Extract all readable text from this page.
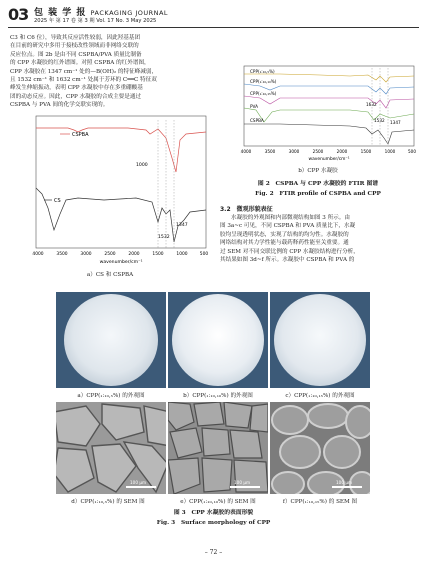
03 包 装 学 报 PACKAGING JOURNAL
2025 年 第 17 卷 第 3 期 Vol. 17 No. 3 May 2025
C3 和 C6 位），导致其反应活性较弱，因此羟基基团
在目前的研究中多用于接枝改性领域而非网络交联的
反应位点。图 2b 是由不同 CSPBA/PVA 质量比制备
的 CPP 水凝胶的红外谱图。对照 CSPBA 的红外谱图，
CPP 水凝胶在 1347 cm⁻¹ 处的—B(OH)₂ 的特征峰减弱，
且 1532 cm⁻¹ 和 1632 cm⁻¹ 处属于芳环的 C══C 特征双
峰发生伸缩振动，表明 CPP 水凝胶中存在多重硼酸基
团的动态反应。因此，CPP 水凝胶的合成主要是通过
CSPBA 与 PVA 间的化学交联实现的。
CSPBA
CS
1000
1532
1347
4000	3500	3000	2500	2000	1500	1000	500
wavenumber/cm⁻¹
a）CS 和 CSPBA
CPP(₁:₁₀,₅%)
CPP(₁:₁₀,₁₀%)
CPP(₁:₁₀,₁₅%)
PVA
CSPBA
1632
1532 1347
4000	3500	3000	2500	2000	1500	1000	500
wavenumber/cm⁻¹
b）CPP 水凝胶
图 2　CSPBA 与 CPP 水凝胶的 FTIR 图谱
Fig. 2　FTIR profile of CSPBA and CPP
3.2　微观形貌表征
水凝胶的外观图和内部微观结构如图 3 所示。由
图 3a~c 可见，不同 CSPBA 和 PVA 质量比下，水凝
胶均呈现透明状态，实现了结构的均匀性。水凝胶的
网络结构对其力学性能与载药释药性能至关重要。通
过 SEM 对不同交联比例的 CPP 水凝胶结构进行分析，
其结果如图 3d~f 所示。水凝胶中 CSPBA 和 PVA 的
a）CPP(₁:₁₀,₅%) 的外观图	b）CPP(₁:₁₀,₁₀%) 的外观图	c）CPP(₁:₁₀,₁₅%) 的外观图
100 μm	100 μm	100 μm
d）CPP(₁:₁₀,₅%) 的 SEM 图	e）CPP(₁:₁₀,₁₀%) 的 SEM 图	f）CPP(₁:₁₀,₁₅%) 的 SEM 图
图 3　CPP 水凝胶的表面形貌
Fig. 3　Surface morphology of CPP
– 72 –
